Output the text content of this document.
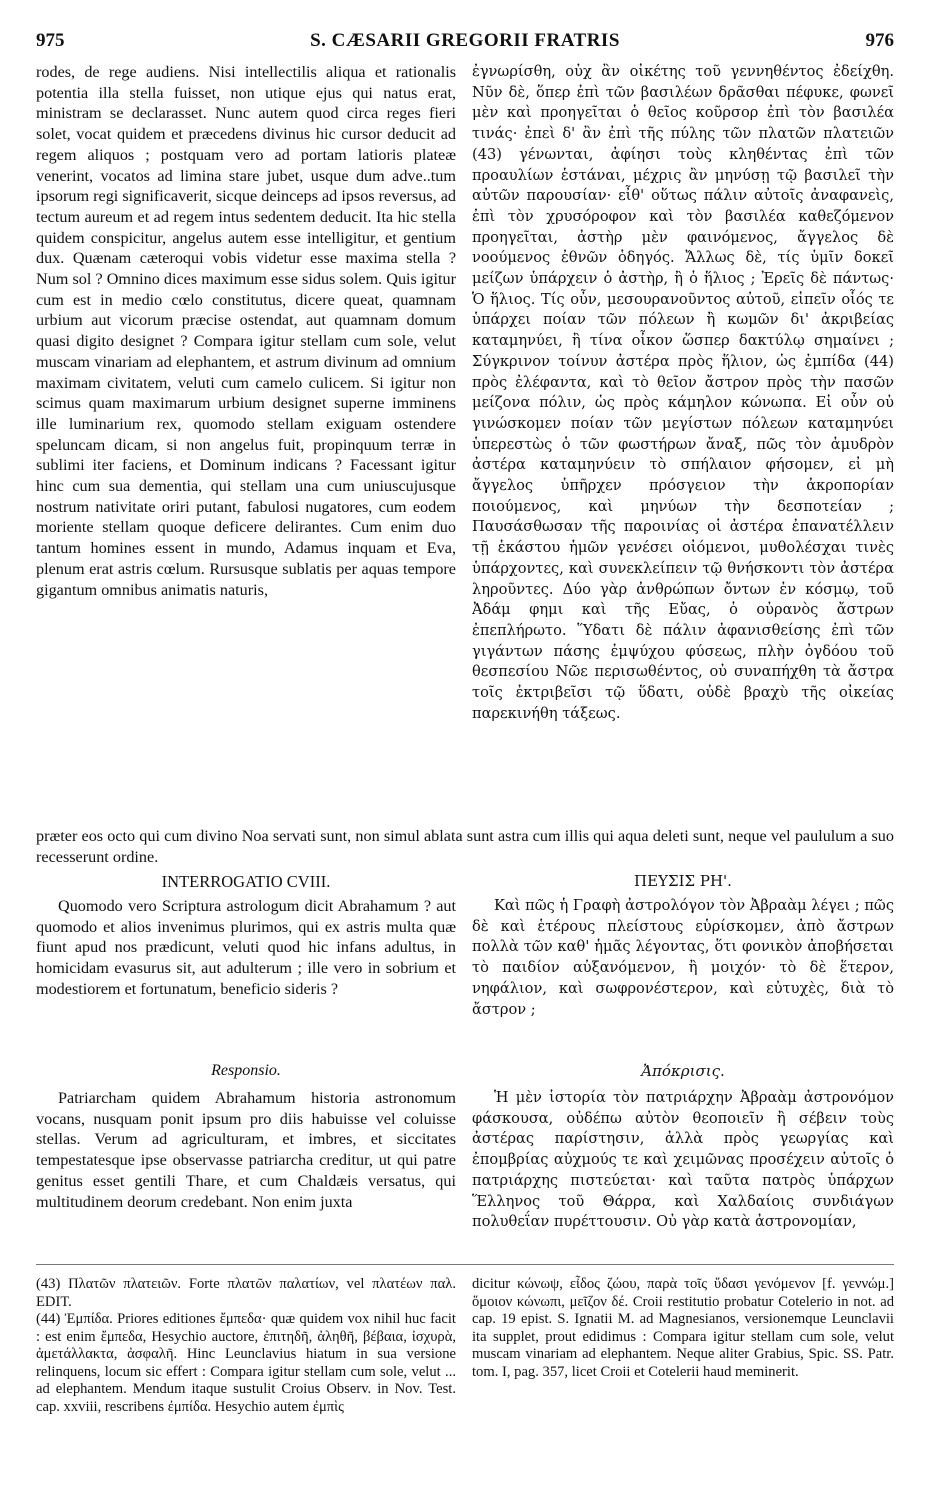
975	S. CÆSARII GREGORII FRATRIS	976

rodes, de rege audiens. Nisi intellectilis aliqua et rationalis potentia illa stella fuisset, non utique ejus qui natus erat, ministram se declarasset. Nunc autem quod circa reges fieri solet, vocat quidem et præcedens divinus hic cursor deducit ad regem aliquos ; postquam vero ad portam latioris plateæ venerint, vocatos ad limina stare jubet, usque dum adve..tum ipsorum regi significaverit, sicque deinceps ad ipsos reversus, ad tectum aureum et ad regem intus sedentem deducit. Ita hic stella quidem conspicitur, angelus autem esse intelligitur, et gentium dux. Quænam cæteroqui vobis videtur esse maxima stella ? Num sol ? Omnino dices maximum esse sidus solem. Quis igitur cum est in medio cœlo constitutus, dicere queat, quamnam urbium aut vicorum præcise ostendat, aut quamnam domum quasi digito designet ? Compara igitur stellam cum sole, velut muscam vinariam ad elephantem, et astrum divinum ad omnium maximam civitatem, veluti cum camelo culicem. Si igitur non scimus quam maximarum urbium designet superne imminens ille luminarium rex, quomodo stellam exiguam ostendere speluncam dicam, si non angelus fuit, propinquum terræ in sublimi iter faciens, et Dominum indicans ? Facessant igitur hinc cum sua dementia, qui stellam una cum uniuscujusque nostrum nativitate oriri putant, fabulosi nugatores, cum eodem moriente stellam quoque deficere delirantes. Cum enim duo tantum homines essent in mundo, Adamus inquam et Eva, plenum erat astris cœlum. Rursusque sublatis per aquas tempore gigantum omnibus animatis naturis,

ἐγνωρίσθη, οὐχ ἂν οἰκέτης τοῦ γεννηθέντος ἐδείχθη. Νῦν δὲ, ὅπερ ἐπὶ τῶν βασιλέων δρᾶσθαι πέφυκε, φωνεῖ μὲν καὶ προηγεῖται ὁ θεῖος κοῦρσορ ἐπὶ τὸν βασιλέα τινάς· ἐπεὶ δ' ἂν ἐπὶ τῆς πύλης τῶν πλατῶν πλατειῶν (43) γένωνται, ἀφίησι τοὺς κληθέντας ἐπὶ τῶν προαυλίων ἑστάναι, μέχρις ἂν μηνύσῃ τῷ βασιλεῖ τὴν αὐτῶν παρουσίαν· εἶθ' οὕτως πάλιν αὐτοῖς ἀναφανεὶς, ἐπὶ τὸν χρυσόροφον καὶ τὸν βασιλέα καθεζόμενον προηγεῖται, ἀστὴρ μὲν φαινόμενος, ἄγγελος δὲ νοούμενος ἐθνῶν ὁδηγός. Ἄλλως δὲ, τίς ὑμῖν δοκεῖ μείζων ὑπάρχειν ὁ ἀστὴρ, ἢ ὁ ἥλιος ; Ἐρεῖς δὲ πάντως· Ὁ ἥλιος. Τίς οὖν, μεσουρανοῦντος αὐτοῦ, εἰπεῖν οἷός τε ὑπάρχει ποίαν τῶν πόλεων ἢ κωμῶν δι' ἀκριβείας καταμηνύει, ἢ τίνα οἶκον ὥσπερ δακτύλῳ σημαίνει ; Σύγκρινον τοίνυν ἀστέρα πρὸς ἥλιον, ὡς ἐμπίδα (44) πρὸς ἐλέφαντα, καὶ τὸ θεῖον ἄστρον πρὸς τὴν πασῶν μείζονα πόλιν, ὡς πρὸς κάμηλον κώνωπα. Εἰ οὖν οὐ γινώσκομεν ποίαν τῶν μεγίστων πόλεων καταμηνύει ὑπερεστὼς ὁ τῶν φωστήρων ἄναξ, πῶς τὸν ἀμυδρὸν ἀστέρα καταμηνύειν τὸ σπήλαιον φήσομεν, εἰ μὴ ἄγγελος ὑπῆρχεν πρόσγειον τὴν ἀκροπορίαν ποιούμενος, καὶ μηνύων τὴν δεσποτείαν ; Παυσάσθωσαν τῆς παροινίας οἱ ἀστέρα ἐπανατέλλειν τῇ ἑκάστου ἡμῶν γενέσει οἰόμενοι, μυθολέσχαι τινὲς ὑπάρχοντες, καὶ συνεκλείπειν τῷ θνήσκοντι τὸν ἀστέρα ληροῦντες. Δύο γὰρ ἀνθρώπων ὄντων ἐν κόσμῳ, τοῦ Ἀδάμ φημι καὶ τῆς Εὔας, ὁ οὐρανὸς ἄστρων ἐπεπλήρωτο. Ὕδατι δὲ πάλιν ἀφανισθείσης ἐπὶ τῶν γιγάντων πάσης ἐμψύχου φύσεως, πλὴν ὀγδόου τοῦ θεσπεσίου Νῶε περισωθέντος, οὐ συναπήχθη τὰ ἄστρα τοῖς ἐκτριβεῖσι τῷ ὕδατι, οὐδὲ βραχὺ τῆς οἰκείας παρεκινήθη τάξεως.

præter eos octo qui cum divino Noa servati sunt, non simul ablata sunt astra cum illis qui aqua deleti sunt, neque vel paululum a suo recesserunt ordine.

INTERROGATIO CVIII.	ΠΕΥΣΙΣ ΡΗ'.

Quomodo vero Scriptura astrologum dicit Abrahamum ? aut quomodo et alios invenimus plurimos, qui ex astris multa quæ fiunt apud nos prædicunt, veluti quod hic infans adultus, in homicidam evasurus sit, aut adulterum ; ille vero in sobrium et modestiorem et fortunatum, beneficio sideris ?

Καὶ πῶς ἡ Γραφὴ ἀστρολόγον τὸν Ἀβραὰμ λέγει ; πῶς δὲ καὶ ἑτέρους πλείστους εὑρίσκομεν, ἀπὸ ἄστρων πολλὰ τῶν καθ' ἡμᾶς λέγοντας, ὅτι φονικὸν ἀποβήσεται τὸ παιδίον αὐξανόμενον, ἢ μοιχόν· τὸ δὲ ἕτερον, νηφάλιον, καὶ σωφρονέστερον, καὶ εὐτυχὲς, διὰ τὸ ἄστρον ;

Responsio.	Ἀπόκρισις.

Patriarcham quidem Abrahamum historia astronomum vocans, nusquam ponit ipsum pro diis habuisse vel coluisse stellas. Verum ad agriculturam, et imbres, et siccitates tempestatesque ipse observasse patriarcha creditur, ut qui patre genitus esset gentili Thare, et cum Chaldæis versatus, qui multitudinem deorum credebant. Non enim juxta

Ἡ μὲν ἱστορία τὸν πατριάρχην Ἀβραὰμ ἀστρονόμον φάσκουσα, οὐδέπω αὐτὸν θεοποιεῖν ἢ σέβειν τοὺς ἀστέρας παρίστησιν, ἀλλὰ πρὸς γεωργίας καὶ ἐπομβρίας αὐχμούς τε καὶ χειμῶνας προσέχειν αὐτοῖς ὁ πατριάρχης πιστεύεται· καὶ ταῦτα πατρὸς ὑπάρχων Ἕλληνος τοῦ Θάρρα, καὶ Χαλδαίοις συνδιάγων πολυθεΐαν πυρέττουσιν. Οὐ γὰρ κατὰ ἀστρονομίαν,

(43) Πλατῶν πλατειῶν. Forte πλατῶν παλατίων, vel πλατέων παλ. EDIT.

(44) Ἐμπίδα. Priores editiones ἔμπεδα· quæ quidem vox nihil huc facit : est enim ἔμπεδα, Hesychio auctore, ἐπιτηδῆ, ἀληθῆ, βέβαια, ἰσχυρὰ, ἀμετάλλακτα, ἀσφαλῆ. Hinc Leunclavius hiatum in sua versione relinquens, locum sic effert : Compara igitur stellam cum sole, velut ... ad elephantem. Mendum itaque sustulit Croius Observ. in Nov. Test. cap. xxviii, rescribens ἐμπίδα. Hesychio autem ἐμπὶς

dicitur κώνωψ, εἶδος ζώου, παρὰ τοῖς ὕδασι γενόμενον [f. γεννώμ.] ὅμοιον κώνωπι, μεῖζον δέ. Croii restitutio probatur Cotelerio in not. ad cap. 19 epist. S. Ignatii M. ad Magnesianos, versionemque Leunclavii ita supplet, prout edidimus : Compara igitur stellam cum sole, velut muscam vinariam ad elephantem. Neque aliter Grabius, Spic. SS. Patr. tom. I, pag. 357, licet Croii et Cotelerii haud meminerit.
